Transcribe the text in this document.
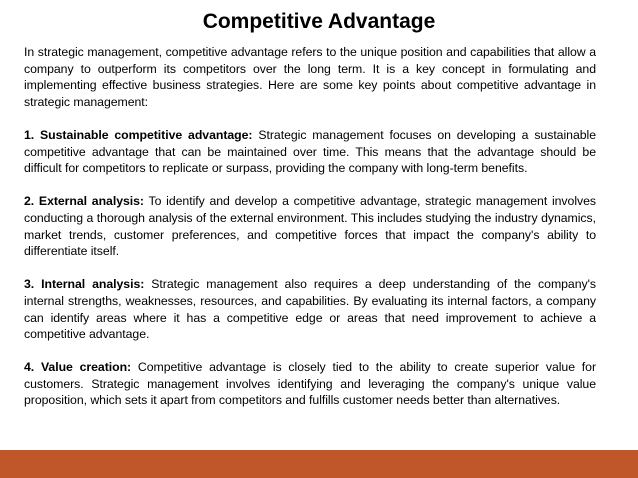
Competitive Advantage

In strategic management, competitive advantage refers to the unique position and capabilities that allow a company to outperform its competitors over the long term. It is a key concept in formulating and implementing effective business strategies. Here are some key points about competitive advantage in strategic management:

1. Sustainable competitive advantage: Strategic management focuses on developing a sustainable competitive advantage that can be maintained over time. This means that the advantage should be difficult for competitors to replicate or surpass, providing the company with long-term benefits.

2. External analysis: To identify and develop a competitive advantage, strategic management involves conducting a thorough analysis of the external environment. This includes studying the industry dynamics, market trends, customer preferences, and competitive forces that impact the company's ability to differentiate itself.

3. Internal analysis: Strategic management also requires a deep understanding of the company's internal strengths, weaknesses, resources, and capabilities. By evaluating its internal factors, a company can identify areas where it has a competitive edge or areas that need improvement to achieve a competitive advantage.

4. Value creation: Competitive advantage is closely tied to the ability to create superior value for customers. Strategic management involves identifying and leveraging the company's unique value proposition, which sets it apart from competitors and fulfills customer needs better than alternatives.
